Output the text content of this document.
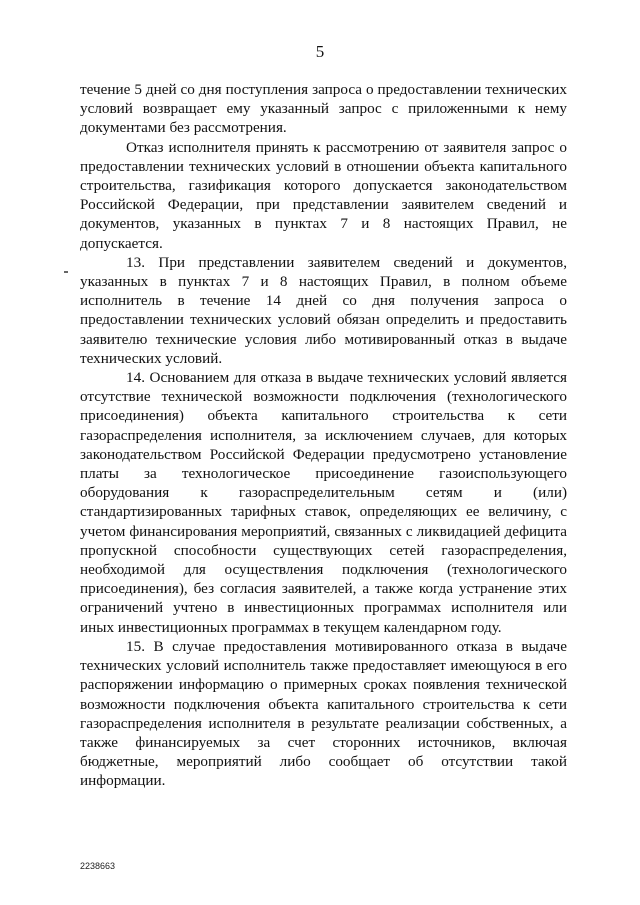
5

течение 5 дней со дня поступления запроса о предоставлении технических условий возвращает ему указанный запрос с приложенными к нему документами без рассмотрения.

Отказ исполнителя принять к рассмотрению от заявителя запрос о предоставлении технических условий в отношении объекта капитального строительства, газификация которого допускается законодательством Российской Федерации, при представлении заявителем сведений и документов, указанных в пунктах 7 и 8 настоящих Правил, не допускается.

13. При представлении заявителем сведений и документов, указанных в пунктах 7 и 8 настоящих Правил, в полном объеме исполнитель в течение 14 дней со дня получения запроса о предоставлении технических условий обязан определить и предоставить заявителю технические условия либо мотивированный отказ в выдаче технических условий.

14. Основанием для отказа в выдаче технических условий является отсутствие технической возможности подключения (технологического присоединения) объекта капитального строительства к сети газораспределения исполнителя, за исключением случаев, для которых законодательством Российской Федерации предусмотрено установление платы за технологическое присоединение газоиспользующего оборудования к газораспределительным сетям и (или) стандартизированных тарифных ставок, определяющих ее величину, с учетом финансирования мероприятий, связанных с ликвидацией дефицита пропускной способности существующих сетей газораспределения, необходимой для осуществления подключения (технологического присоединения), без согласия заявителей, а также когда устранение этих ограничений учтено в инвестиционных программах исполнителя или иных инвестиционных программах в текущем календарном году.

15. В случае предоставления мотивированного отказа в выдаче технических условий исполнитель также предоставляет имеющуюся в его распоряжении информацию о примерных сроках появления технической возможности подключения объекта капитального строительства к сети газораспределения исполнителя в результате реализации собственных, а также финансируемых за счет сторонних источников, включая бюджетные, мероприятий либо сообщает об отсутствии такой информации.

2238663
